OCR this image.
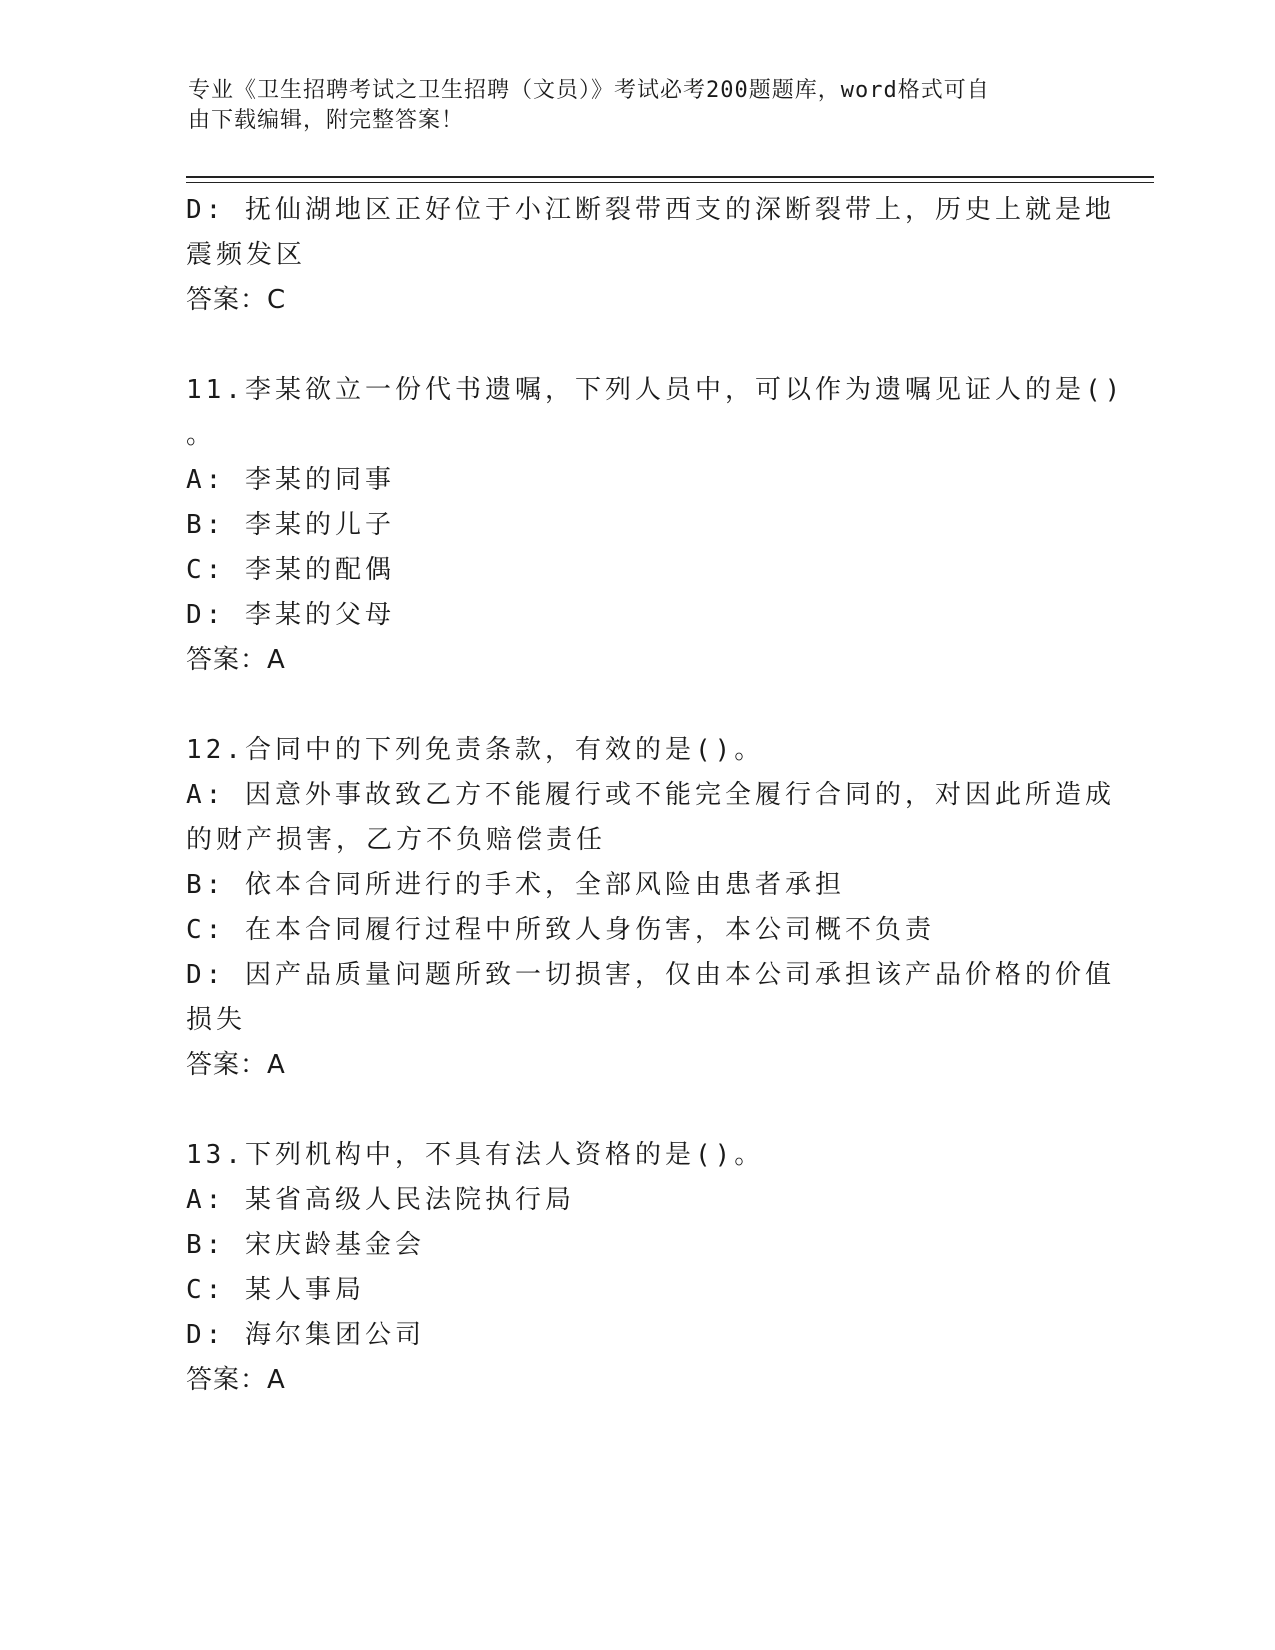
专业《卫生招聘考试之卫生招聘（文员）》考试必考200题题库，word格式可自
由下载编辑，附完整答案！
D: 抚仙湖地区正好位于小江断裂带西支的深断裂带上，历史上就是地
震频发区
答案：C
11.李某欲立一份代书遗嘱，下列人员中，可以作为遗嘱见证人的是()
。
A: 李某的同事
B: 李某的儿子
C: 李某的配偶
D: 李某的父母
答案：A
12.合同中的下列免责条款，有效的是()。
A: 因意外事故致乙方不能履行或不能完全履行合同的，对因此所造成
的财产损害，乙方不负赔偿责任
B: 依本合同所进行的手术，全部风险由患者承担
C: 在本合同履行过程中所致人身伤害，本公司概不负责
D: 因产品质量问题所致一切损害，仅由本公司承担该产品价格的价值
损失
答案：A
13.下列机构中，不具有法人资格的是()。
A: 某省高级人民法院执行局
B: 宋庆龄基金会
C: 某人事局
D: 海尔集团公司
答案：A
